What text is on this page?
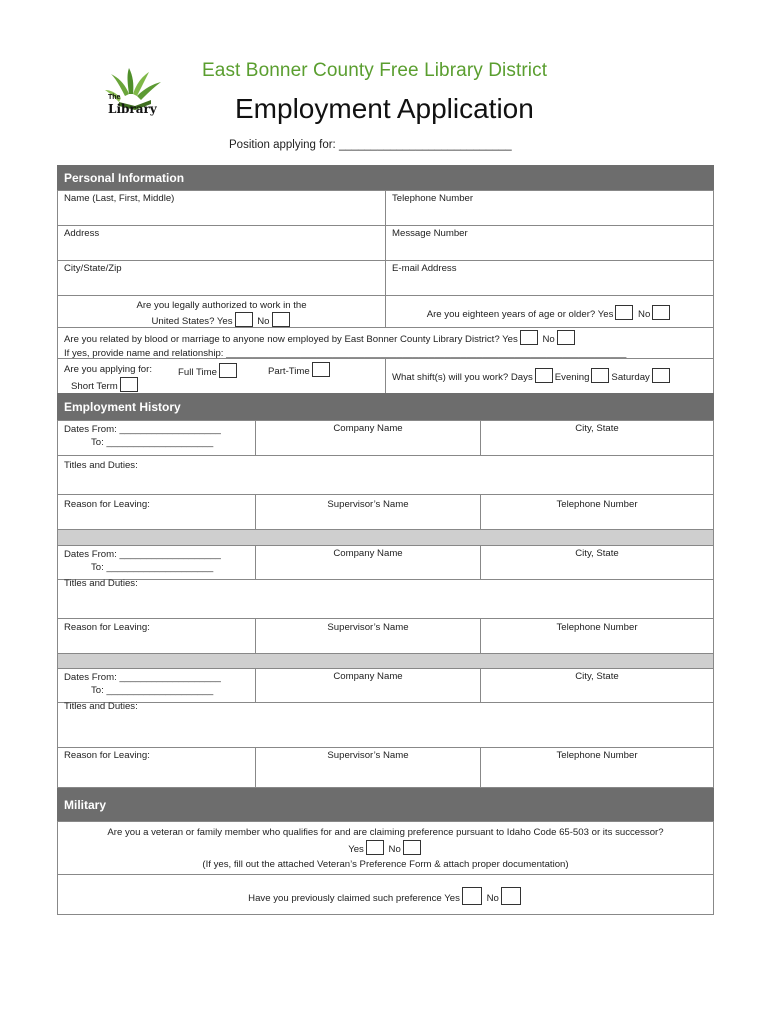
The
Library
East Bonner County Free Library District
Employment Application
Position applying for: ___________________________
Personal Information
Name (Last, First, Middle)	Telephone Number
Address	Message Number
City/State/Zip	E-mail Address
Are you legally authorized to work in the
United States? Yes	No
Are you eighteen years of age or older? Yes	No
Are you related by blood or marriage to anyone now employed by East Bonner County Library District? Yes	No
If yes, provide name and relationship: ___________________________________________________________________________
Are you applying for:	Full Time	Part-Time
Short Term
What shift(s) will you work? Days Evening Saturday
Employment History
Dates From: ___________________
To: ____________________
Company Name	City, State
Titles and Duties:
Reason for Leaving:	Supervisor’s Name	Telephone Number
Dates From: ___________________
To: ____________________
Company Name	City, State
Titles and Duties:
Reason for Leaving:	Supervisor’s Name	Telephone Number
Dates From: ___________________
To: ____________________
Company Name	City, State
Titles and Duties:
Reason for Leaving:	Supervisor’s Name	Telephone Number
Military
Are you a veteran or family member who qualifies for and are claiming preference pursuant to Idaho Code 65-503 or its successor?
Yes	No
(If yes, fill out the attached Veteran’s Preference Form & attach proper documentation)
Have you previously claimed such preference Yes	No
